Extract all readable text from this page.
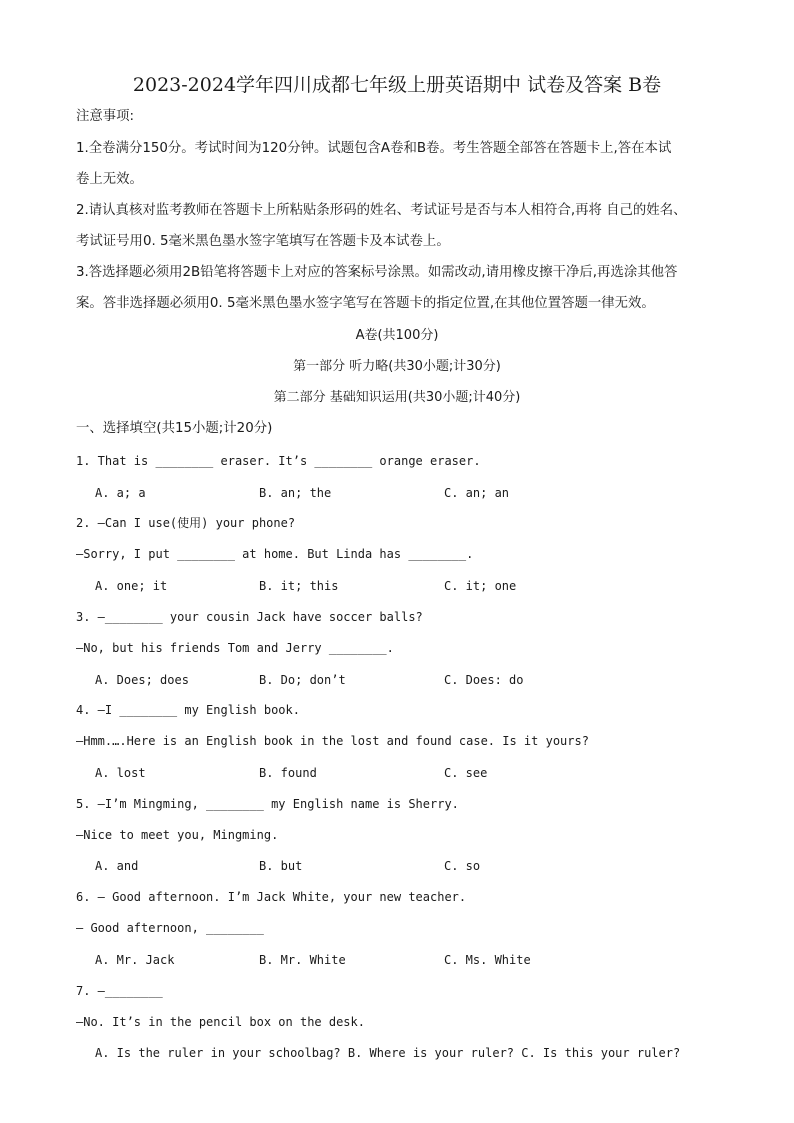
2023-2024学年四川成都七年级上册英语期中 试卷及答案 B卷
注意事项:
1.全卷满分150分。考试时间为120分钟。试题包含A卷和B卷。考生答题全部答在答题卡上,答在本试
卷上无效。
2.请认真核对监考教师在答题卡上所粘贴条形码的姓名、考试证号是否与本人相符合,再将 自己的姓名、
考试证号用0. 5毫米黑色墨水签字笔填写在答题卡及本试卷上。
3.答选择题必须用2B铅笔将答题卡上对应的答案标号涂黑。如需改动,请用橡皮擦干净后,再选涂其他答
案。答非选择题必须用0. 5毫米黑色墨水签字笔写在答题卡的指定位置,在其他位置答题一律无效。
A卷(共100分)
第一部分 听力略(共30小题;计30分)
第二部分 基础知识运用(共30小题;计40分)
一、选择填空(共15小题;计20分)
1. That is ________ eraser. It’s ________ orange eraser.
A. a; a	B. an; the	C. an; an
2. —Can I use(使用) your phone?
—Sorry, I put ________ at home. But Linda has ________.
A. one; it	B. it; this	C. it; one
3. —________ your cousin Jack have soccer balls?
—No, but his friends Tom and Jerry ________.
A. Does; does	B. Do; don’t	C. Does: do
4. —I ________ my English book.
—Hmm.….Here is an English book in the lost and found case. Is it yours?
A. lost	B. found	C. see
5. —I’m Mingming, ________ my English name is Sherry.
—Nice to meet you, Mingming.
A. and	B. but	C. so
6. — Good afternoon. I’m Jack White, your new teacher.
— Good afternoon, ________
A. Mr. Jack	B. Mr. White	C. Ms. White
7. —________
—No. It’s in the pencil box on the desk.
A. Is the ruler in your schoolbag? B. Where is your ruler? C. Is this your ruler?
